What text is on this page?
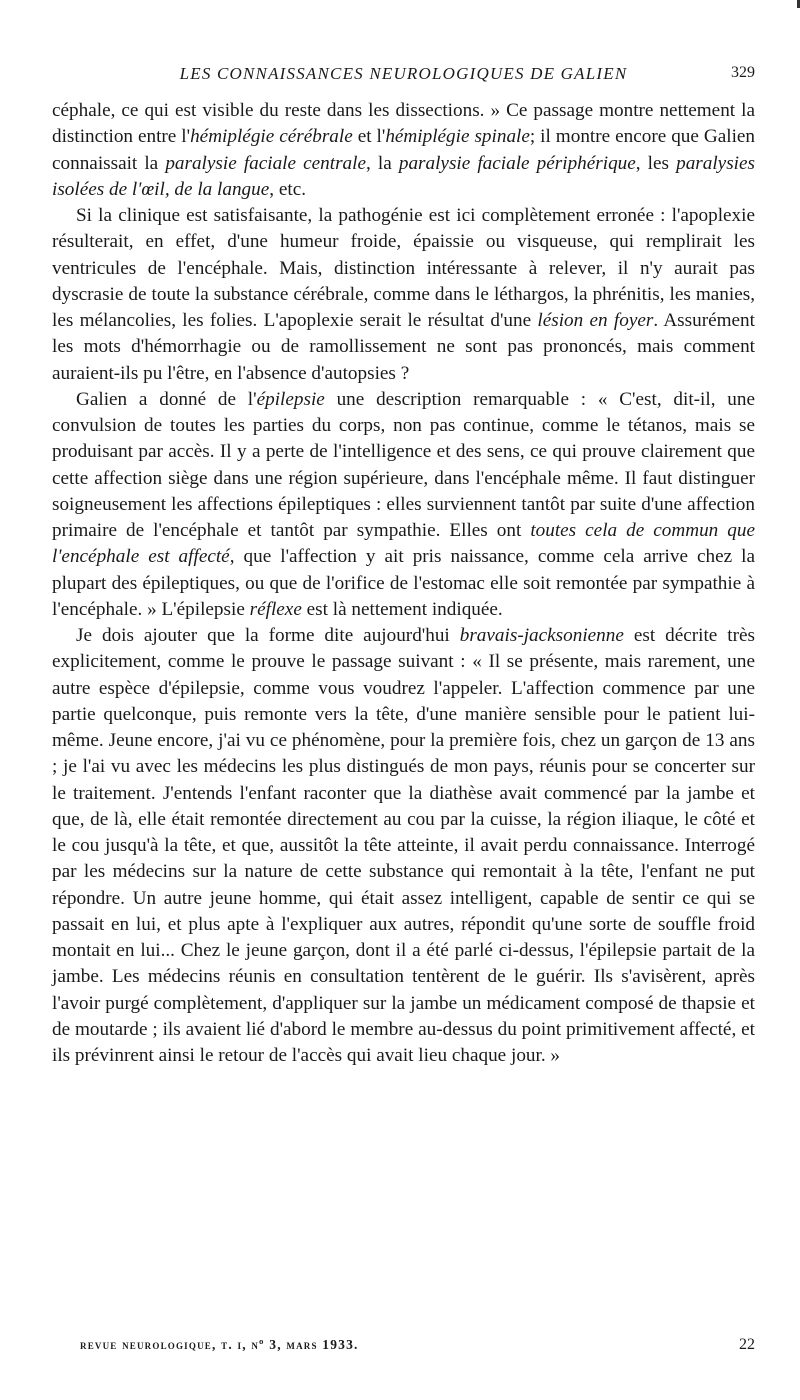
LES CONNAISSANCES NEUROLOGIQUES DE GALIEN	329

céphale, ce qui est visible du reste dans les dissections. » Ce passage montre nettement la distinction entre l'hémiplégie cérébrale et l'hémiplégie spinale; il montre encore que Galien connaissait la paralysie faciale centrale, la paralysie faciale périphérique, les paralysies isolées de l'œil, de la langue, etc.

Si la clinique est satisfaisante, la pathogénie est ici complètement erronée : l'apoplexie résulterait, en effet, d'une humeur froide, épaissie ou visqueuse, qui remplirait les ventricules de l'encéphale. Mais, distinction intéressante à relever, il n'y aurait pas dyscrasie de toute la substance cérébrale, comme dans le léthargos, la phrénitis, les manies, les mélancolies, les folies. L'apoplexie serait le résultat d'une lésion en foyer. Assurément les mots d'hémorrhagie ou de ramollissement ne sont pas prononcés, mais comment auraient-ils pu l'être, en l'absence d'autopsies ?

Galien a donné de l'épilepsie une description remarquable : « C'est, dit-il, une convulsion de toutes les parties du corps, non pas continue, comme le tétanos, mais se produisant par accès. Il y a perte de l'intelligence et des sens, ce qui prouve clairement que cette affection siège dans une région supérieure, dans l'encéphale même. Il faut distinguer soigneusement les affections épileptiques : elles surviennent tantôt par suite d'une affection primaire de l'encéphale et tantôt par sympathie. Elles ont toutes cela de commun que l'encéphale est affecté, que l'affection y ait pris naissance, comme cela arrive chez la plupart des épileptiques, ou que de l'orifice de l'estomac elle soit remontée par sympathie à l'encéphale. » L'épilepsie réflexe est là nettement indiquée.

Je dois ajouter que la forme dite aujourd'hui bravais-jacksonienne est décrite très explicitement, comme le prouve le passage suivant : « Il se présente, mais rarement, une autre espèce d'épilepsie, comme vous voudrez l'appeler. L'affection commence par une partie quelconque, puis remonte vers la tête, d'une manière sensible pour le patient lui-même. Jeune encore, j'ai vu ce phénomène, pour la première fois, chez un garçon de 13 ans ; je l'ai vu avec les médecins les plus distingués de mon pays, réunis pour se concerter sur le traitement. J'entends l'enfant raconter que la diathèse avait commencé par la jambe et que, de là, elle était remontée directement au cou par la cuisse, la région iliaque, le côté et le cou jusqu'à la tête, et que, aussitôt la tête atteinte, il avait perdu connaissance. Interrogé par les médecins sur la nature de cette substance qui remontait à la tête, l'enfant ne put répondre. Un autre jeune homme, qui était assez intelligent, capable de sentir ce qui se passait en lui, et plus apte à l'expliquer aux autres, répondit qu'une sorte de souffle froid montait en lui... Chez le jeune garçon, dont il a été parlé ci-dessus, l'épilepsie partait de la jambe. Les médecins réunis en consultation tentèrent de le guérir. Ils s'avisèrent, après l'avoir purgé complètement, d'appliquer sur la jambe un médicament composé de thapsie et de moutarde ; ils avaient lié d'abord le membre au-dessus du point primitivement affecté, et ils prévinrent ainsi le retour de l'accès qui avait lieu chaque jour. »

revue neurologique, t. i, nº 3, mars 1933.	22
